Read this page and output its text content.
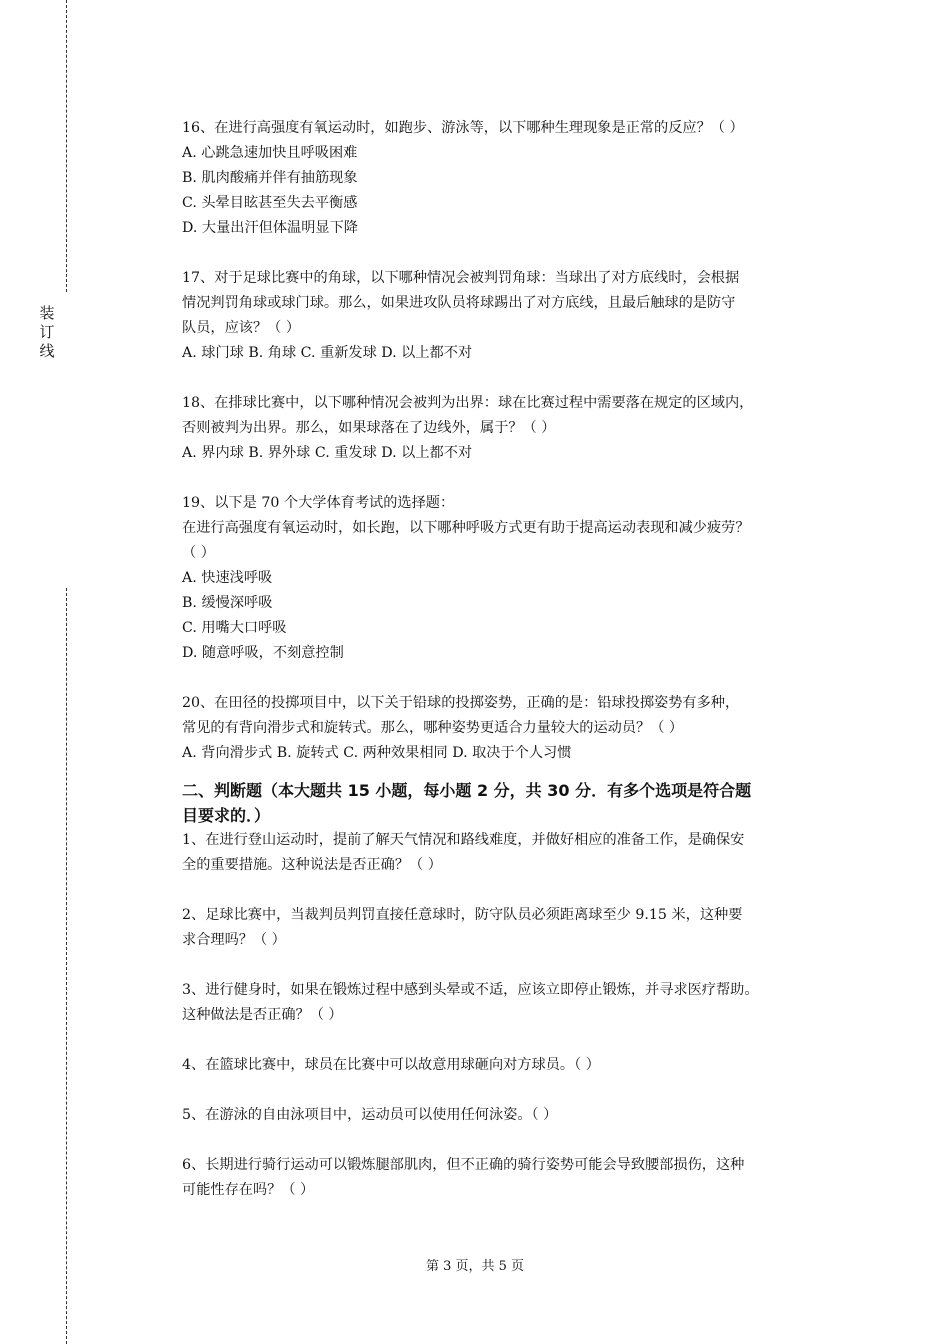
装
订
线
16、在进行高强度有氧运动时，如跑步、游泳等，以下哪种生理现象是正常的反应？（ ）
A. 心跳急速加快且呼吸困难
B. 肌肉酸痛并伴有抽筋现象
C. 头晕目眩甚至失去平衡感
D. 大量出汗但体温明显下降
17、对于足球比赛中的角球，以下哪种情况会被判罚角球：当球出了对方底线时，会根据
情况判罚角球或球门球。那么，如果进攻队员将球踢出了对方底线，且最后触球的是防守
队员，应该？（ ）
A. 球门球 B. 角球 C. 重新发球 D. 以上都不对
18、在排球比赛中，以下哪种情况会被判为出界：球在比赛过程中需要落在规定的区域内，
否则被判为出界。那么，如果球落在了边线外，属于？（ ）
A. 界内球 B. 界外球 C. 重发球 D. 以上都不对
19、以下是 70 个大学体育考试的选择题：
在进行高强度有氧运动时，如长跑，以下哪种呼吸方式更有助于提高运动表现和减少疲劳？
（ ）
A. 快速浅呼吸
B. 缓慢深呼吸
C. 用嘴大口呼吸
D. 随意呼吸，不刻意控制
20、在田径的投掷项目中，以下关于铅球的投掷姿势，正确的是：铅球投掷姿势有多种，
常见的有背向滑步式和旋转式。那么，哪种姿势更适合力量较大的运动员？（ ）
A. 背向滑步式 B. 旋转式 C. 两种效果相同 D. 取决于个人习惯
二、判断题（本大题共 15 小题，每小题 2 分，共 30 分．有多个选项是符合题
目要求的．）
1、在进行登山运动时，提前了解天气情况和路线难度，并做好相应的准备工作，是确保安
全的重要措施。这种说法是否正确？（ ）
2、足球比赛中，当裁判员判罚直接任意球时，防守队员必须距离球至少 9.15 米，这种要
求合理吗？（ ）
3、进行健身时，如果在锻炼过程中感到头晕或不适，应该立即停止锻炼，并寻求医疗帮助。
这种做法是否正确？（ ）
4、在篮球比赛中，球员在比赛中可以故意用球砸向对方球员。（ ）
5、在游泳的自由泳项目中，运动员可以使用任何泳姿。（ ）
6、长期进行骑行运动可以锻炼腿部肌肉，但不正确的骑行姿势可能会导致腰部损伤，这种
可能性存在吗？（ ）
第 3 页，共 5 页
